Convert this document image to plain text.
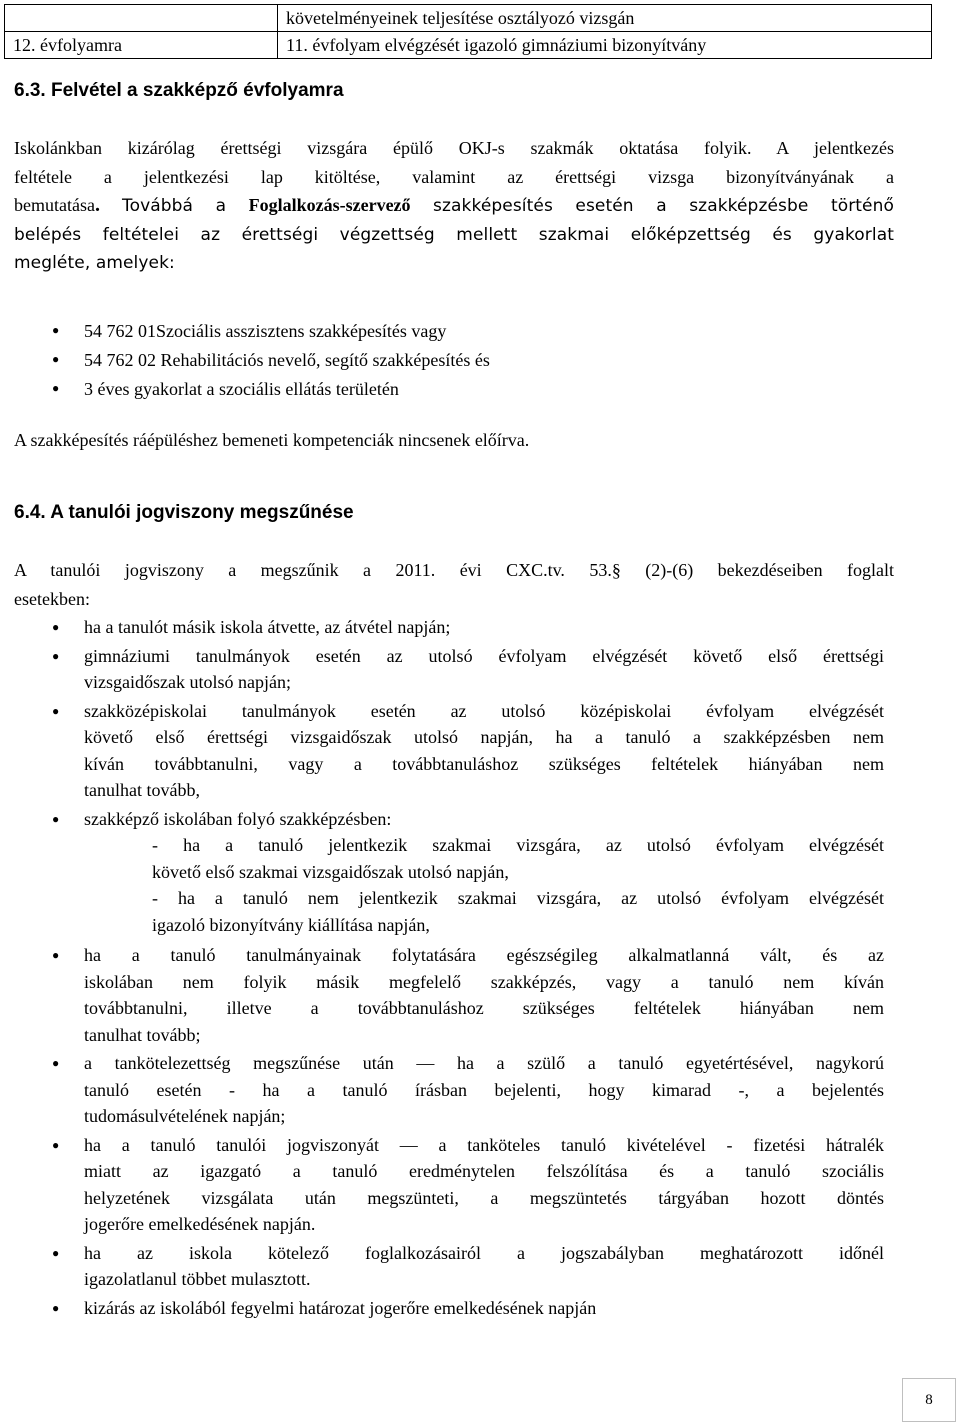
	követelményeinek teljesítése osztályozó vizsgán
12. évfolyamra	11. évfolyam elvégzését igazoló gimnáziumi bizonyítvány
6.3. Felvétel a szakképző évfolyamra
Iskolánkban kizárólag érettségi vizsgára épülő OKJ-s szakmák oktatása folyik. A jelentkezés
feltétele a jelentkezési lap kitöltése, valamint az érettségi vizsga bizonyítványának a
bemutatása. Továbbá a Foglalkozás-szervező szakképesítés esetén a szakképzésbe történő
belépés feltételei az érettségi végzettség mellett szakmai előképzettség és gyakorlat
megléte, amelyek:
● 54 762 01Szociális asszisztens szakképesítés vagy
● 54 762 02 Rehabilitációs nevelő, segítő szakképesítés és
● 3 éves gyakorlat a szociális ellátás területén
A szakképesítés ráépüléshez bemeneti kompetenciák nincsenek előírva.
6.4. A tanulói jogviszony megszűnése
A tanulói jogviszony a megszűnik a 2011. évi CXC.tv. 53.§ (2)-(6) bekezdéseiben foglalt
esetekben:
● ha a tanulót másik iskola átvette, az átvétel napján;
● gimnáziumi tanulmányok esetén az utolsó évfolyam elvégzését követő első érettségi
vizsgaidőszak utolsó napján;
● szakközépiskolai tanulmányok esetén az utolsó középiskolai évfolyam elvégzését
követő első érettségi vizsgaidőszak utolsó napján, ha a tanuló a szakképzésben nem
kíván továbbtanulni, vagy a továbbtanuláshoz szükséges feltételek hiányában nem
tanulhat tovább,
● szakképző iskolában folyó szakképzésben:
- ha a tanuló jelentkezik szakmai vizsgára, az utolsó évfolyam elvégzését
követő első szakmai vizsgaidőszak utolsó napján,
- ha a tanuló nem jelentkezik szakmai vizsgára, az utolsó évfolyam elvégzését
igazoló bizonyítvány kiállítása napján,
● ha a tanuló tanulmányainak folytatására egészségileg alkalmatlanná vált, és az
iskolában nem folyik másik megfelelő szakképzés, vagy a tanuló nem kíván
továbbtanulni, illetve a továbbtanuláshoz szükséges feltételek hiányában nem
tanulhat tovább;
● a tankötelezettség megszűnése után — ha a szülő a tanuló egyetértésével, nagykorú
tanuló esetén - ha a tanuló írásban bejelenti, hogy kimarad -, a bejelentés
tudomásulvételének napján;
● ha a tanuló tanulói jogviszonyát — a tanköteles tanuló kivételével - fizetési hátralék
miatt az igazgató a tanuló eredménytelen felszólítása és a tanuló szociális
helyzetének vizsgálata után megszünteti, a megszüntetés tárgyában hozott döntés
jogerőre emelkedésének napján.
● ha az iskola kötelező foglalkozásairól a jogszabályban meghatározott időnél
igazolatlanul többet mulasztott.
● kizárás az iskolából fegyelmi határozat jogerőre emelkedésének napján
8
